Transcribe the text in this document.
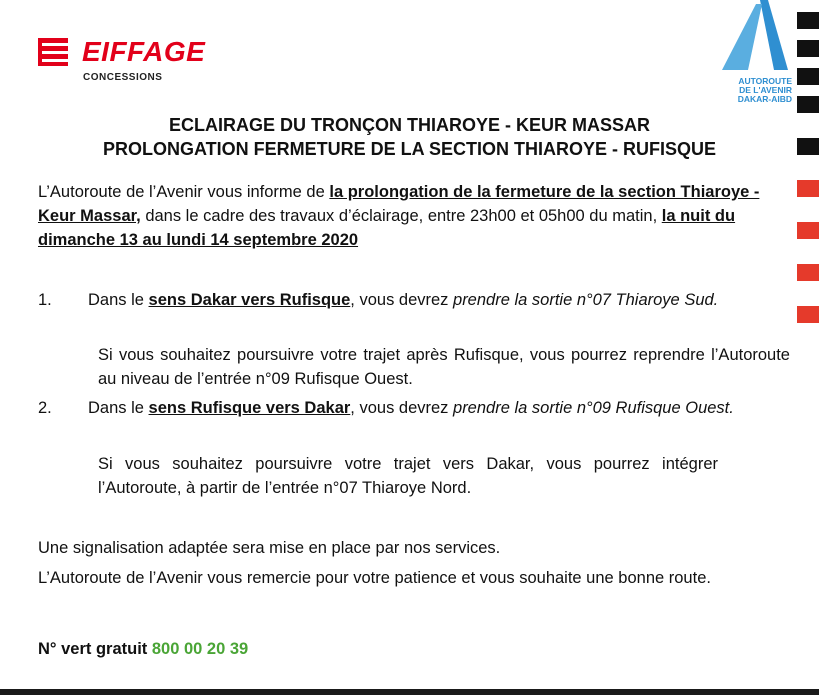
EIFFAGE
CONCESSIONS	AUTOROUTE
DE L'AVENIR
DAKAR-AIBD
ECLAIRAGE DU TRONÇON THIAROYE - KEUR MASSAR
PROLONGATION FERMETURE DE LA SECTION THIAROYE - RUFISQUE
L’Autoroute de l’Avenir vous informe de la prolongation de la fermeture de la section Thiaroye - Keur Massar, dans le cadre des travaux d’éclairage, entre 23h00 et 05h00 du matin, la nuit du dimanche 13 au lundi 14 septembre 2020
1. Dans le sens Dakar vers Rufisque, vous devrez prendre la sortie n°07 Thiaroye Sud.
Si vous souhaitez poursuivre votre trajet après Rufisque, vous pourrez reprendre l’Autoroute au niveau de l’entrée n°09 Rufisque Ouest.
2. Dans le sens Rufisque vers Dakar, vous devrez prendre la sortie n°09 Rufisque Ouest.
Si vous souhaitez poursuivre votre trajet vers Dakar, vous pourrez intégrer l’Autoroute, à partir de l’entrée n°07 Thiaroye Nord.
Une signalisation adaptée sera mise en place par nos services.
L’Autoroute de l’Avenir vous remercie pour votre patience et vous souhaite une bonne route.
N° vert gratuit 800 00 20 39
